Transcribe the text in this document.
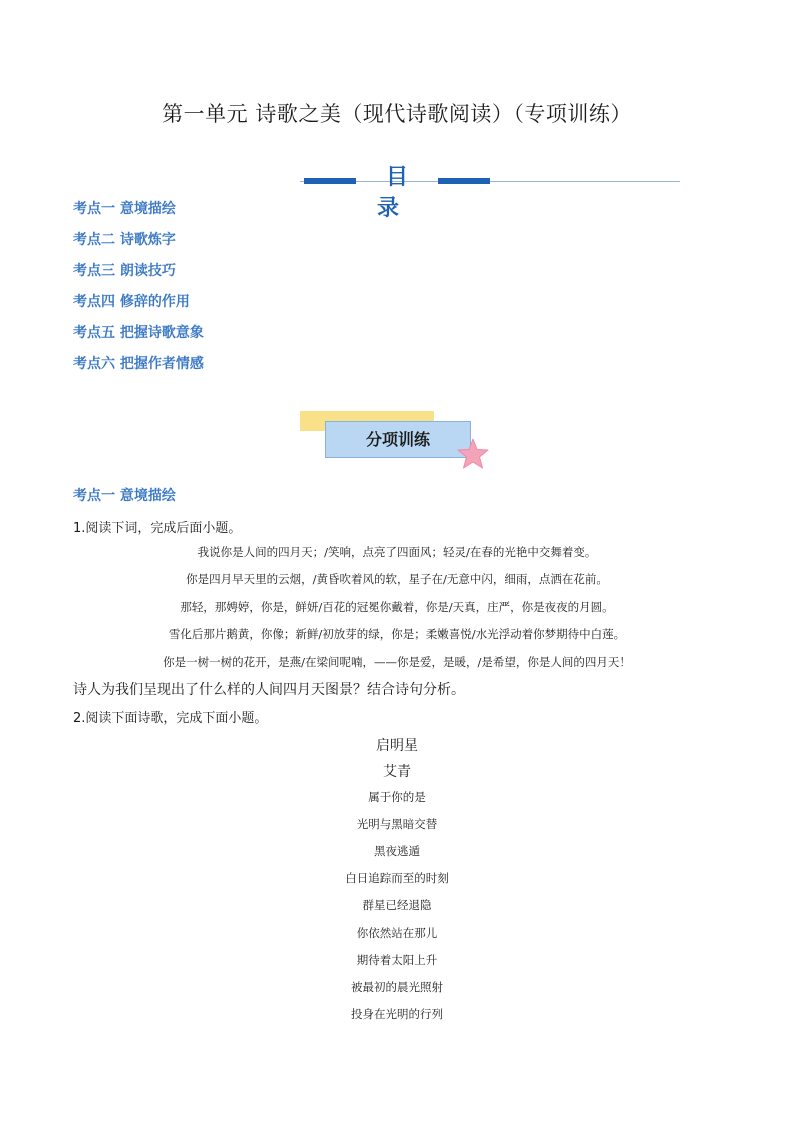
第一单元 诗歌之美（现代诗歌阅读）（专项训练）
目 录
考点一 意境描绘
考点二 诗歌炼字
考点三 朗读技巧
考点四 修辞的作用
考点五 把握诗歌意象
考点六 把握作者情感
分项训练
考点一 意境描绘
1.阅读下词，完成后面小题。
我说你是人间的四月天；/笑响，点亮了四面风；轻灵/在春的光艳中交舞着变。
你是四月早天里的云烟，/黄昏吹着风的软，星子在/无意中闪，细雨，点洒在花前。
那轻，那娉婷，你是，鲜妍/百花的冠冕你戴着，你是/天真，庄严，你是夜夜的月圆。
雪化后那片鹅黄，你像；新鲜/初放芽的绿，你是；柔嫩喜悦/水光浮动着你梦期待中白莲。
你是一树一树的花开，是燕/在梁间呢喃，——你是爱，是暖，/是希望，你是人间的四月天！
诗人为我们呈现出了什么样的人间四月天图景？结合诗句分析。
2.阅读下面诗歌，完成下面小题。
启明星
艾青
属于你的是
光明与黑暗交替
黑夜逃遁
白日追踪而至的时刻
群星已经退隐
你依然站在那儿
期待着太阳上升
被最初的晨光照射
投身在光明的行列
